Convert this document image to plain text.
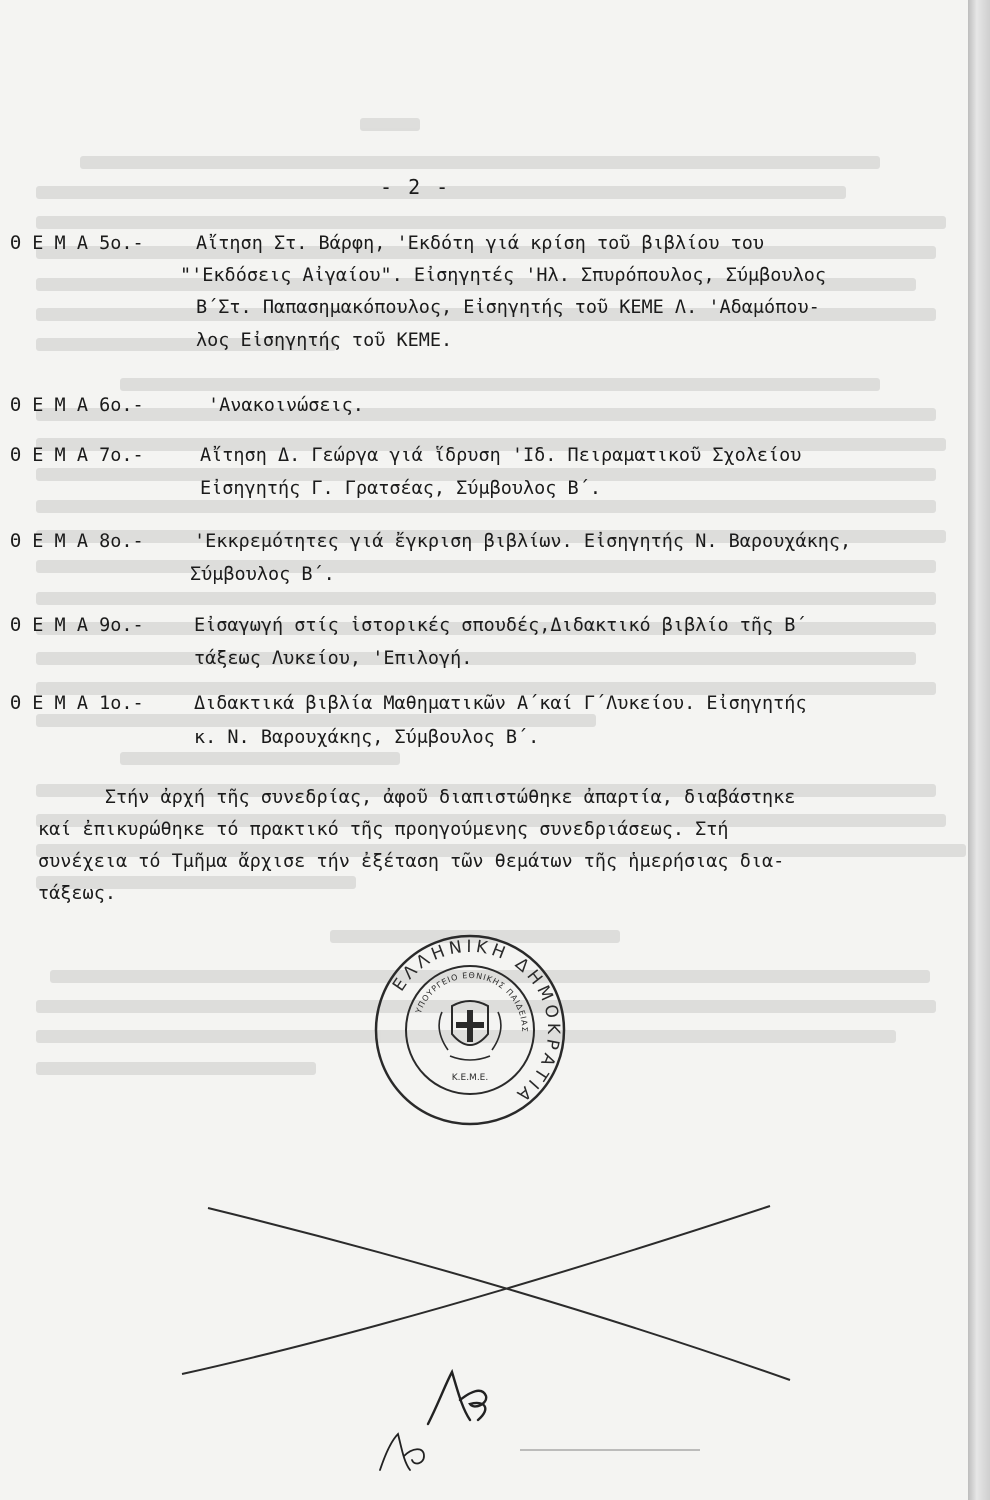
- 2 -
Θ Ε Μ Α 5ο.-	Αἴτηση Στ. Βάρφη, 'Εκδότη γιά κρίση τοῦ βιβλίου του
"'Εκδόσεις Αἰγαίου". Εἰσηγητές 'Ηλ. Σπυρόπουλος, Σύμβουλος
Β΄Στ. Παπασημακόπουλος, Εἰσηγητής τοῦ ΚΕΜΕ Λ. 'Αδαμόπου-
λος Εἰσηγητής τοῦ ΚΕΜΕ.
Θ Ε Μ Α 6ο.-	'Ανακοινώσεις.
Θ Ε Μ Α 7ο.-	Αἴτηση Δ. Γεώργα γιά ἵδρυση 'Ιδ. Πειραματικοῦ Σχολείου
Εἰσηγητής Γ. Γρατσέας, Σύμβουλος Β΄.
Θ Ε Μ Α 8ο.-	'Εκκρεμότητες γιά ἔγκριση βιβλίων. Εἰσηγητής Ν. Βαρουχάκης,
Σύμβουλος Β΄.
Θ Ε Μ Α 9ο.-	Εἰσαγωγή στίς ἱστορικές σπουδές,Διδακτικό βιβλίο τῆς Β΄
τάξεως Λυκείου, 'Επιλογή.
Θ Ε Μ Α 1ο.-	Διδακτικά βιβλία Μαθηματικῶν Α΄καί Γ΄Λυκείου. Εἰσηγητής
κ. Ν. Βαρουχάκης, Σύμβουλος Β΄.
Στήν ἀρχή τῆς συνεδρίας, ἀφοῦ διαπιστώθηκε ἀπαρτία, διαβάστηκε
καί ἐπικυρώθηκε τό πρακτικό τῆς προηγούμενης συνεδριάσεως. Στή
συνέχεια τό Τμῆμα ἄρχισε τήν ἐξέταση τῶν θεμάτων τῆς ἡμερήσιας δια-
τάξεως.
ΕΛΛΗΝΙΚΗ ΔΗΜΟΚΡΑΤΙΑ
ΥΠΟΥΡΓΕΙΟ ΕΘΝΙΚΗΣ ΠΑΙΔΕΙΑΣ
Κ.Ε.Μ.Ε.
